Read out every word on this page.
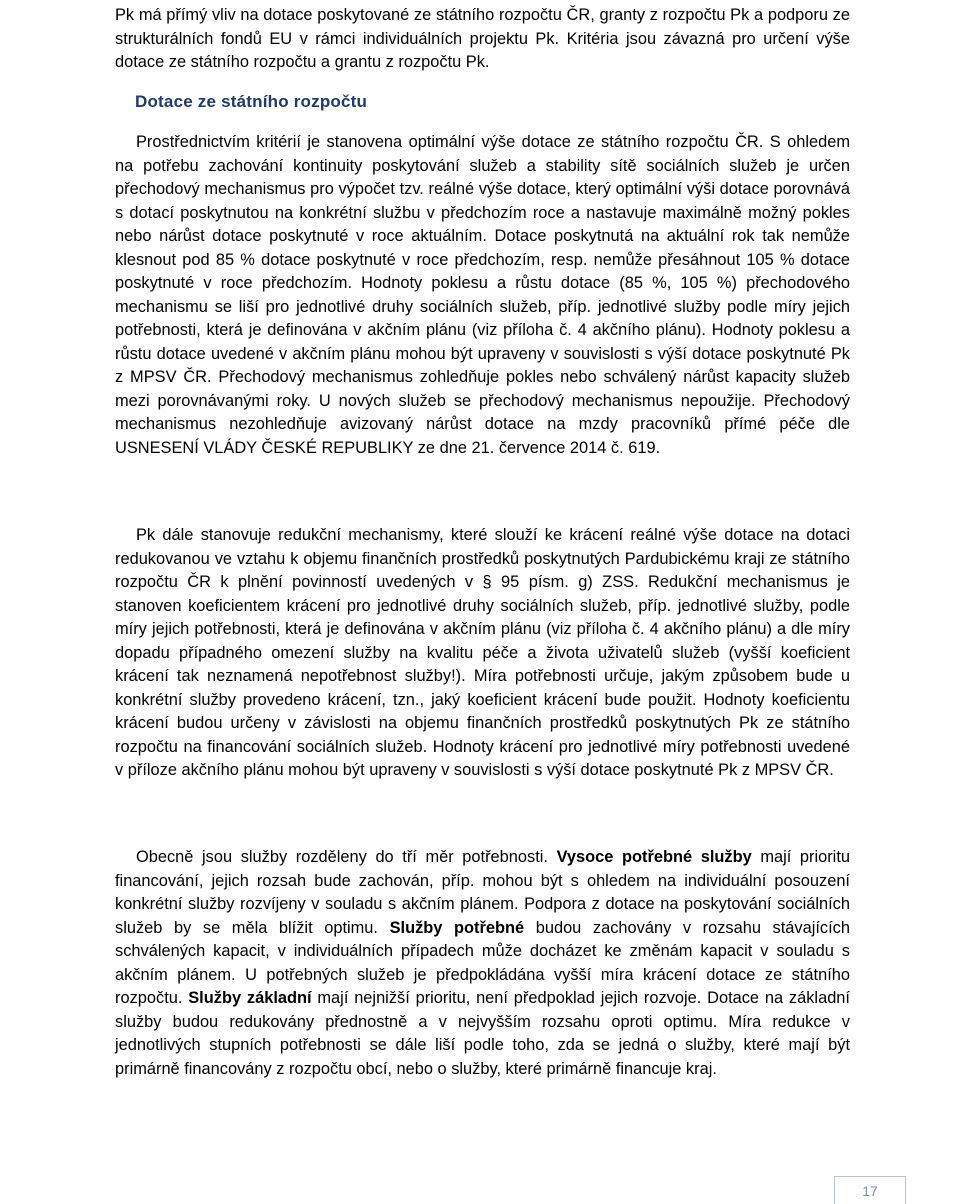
Pk má přímý vliv na dotace poskytované ze státního rozpočtu ČR, granty z rozpočtu Pk a podporu ze strukturálních fondů EU v rámci individuálních projektu Pk. Kritéria jsou závazná pro určení výše dotace ze státního rozpočtu a grantu z rozpočtu Pk.

Dotace ze státního rozpočtu

Prostřednictvím kritérií je stanovena optimální výše dotace ze státního rozpočtu ČR. S ohledem na potřebu zachování kontinuity poskytování služeb a stability sítě sociálních služeb je určen přechodový mechanismus pro výpočet tzv. reálné výše dotace, který optimální výši dotace porovnává s dotací poskytnutou na konkrétní službu v předchozím roce a nastavuje maximálně možný pokles nebo nárůst dotace poskytnuté v roce aktuálním. Dotace poskytnutá na aktuální rok tak nemůže klesnout pod 85 % dotace poskytnuté v roce předchozím, resp. nemůže přesáhnout 105 % dotace poskytnuté v roce předchozím. Hodnoty poklesu a růstu dotace (85 %, 105 %) přechodového mechanismu se liší pro jednotlivé druhy sociálních služeb, příp. jednotlivé služby podle míry jejich potřebnosti, která je definována v akčním plánu (viz příloha č. 4 akčního plánu). Hodnoty poklesu a růstu dotace uvedené v akčním plánu mohou být upraveny v souvislosti s výší dotace poskytnuté Pk z MPSV ČR. Přechodový mechanismus zohledňuje pokles nebo schválený nárůst kapacity služeb mezi porovnávanými roky. U nových služeb se přechodový mechanismus nepoužije. Přechodový mechanismus nezohledňuje avizovaný nárůst dotace na mzdy pracovníků přímé péče dle USNESENÍ VLÁDY ČESKÉ REPUBLIKY ze dne 21. července 2014 č. 619.

Pk dále stanovuje redukční mechanismy, které slouží ke krácení reálné výše dotace na dotaci redukovanou ve vztahu k objemu finančních prostředků poskytnutých Pardubickému kraji ze státního rozpočtu ČR k plnění povinností uvedených v § 95 písm. g) ZSS. Redukční mechanismus je stanoven koeficientem krácení pro jednotlivé druhy sociálních služeb, příp. jednotlivé služby, podle míry jejich potřebnosti, která je definována v akčním plánu (viz příloha č. 4 akčního plánu) a dle míry dopadu případného omezení služby na kvalitu péče a života uživatelů služeb (vyšší koeficient krácení tak neznamená nepotřebnost služby!). Míra potřebnosti určuje, jakým způsobem bude u konkrétní služby provedeno krácení, tzn., jaký koeficient krácení bude použit. Hodnoty koeficientu krácení budou určeny v závislosti na objemu finančních prostředků poskytnutých Pk ze státního rozpočtu na financování sociálních služeb. Hodnoty krácení pro jednotlivé míry potřebnosti uvedené v příloze akčního plánu mohou být upraveny v souvislosti s výší dotace poskytnuté Pk z MPSV ČR.

Obecně jsou služby rozděleny do tří měr potřebnosti. Vysoce potřebné služby mají prioritu financování, jejich rozsah bude zachován, příp. mohou být s ohledem na individuální posouzení konkrétní služby rozvíjeny v souladu s akčním plánem. Podpora z dotace na poskytování sociálních služeb by se měla blížit optimu. Služby potřebné budou zachovány v rozsahu stávajících schválených kapacit, v individuálních případech může docházet ke změnám kapacit v souladu s akčním plánem. U potřebných služeb je předpokládána vyšší míra krácení dotace ze státního rozpočtu. Služby základní mají nejnižší prioritu, není předpoklad jejich rozvoje. Dotace na základní služby budou redukovány přednostně a v nejvyšším rozsahu oproti optimu. Míra redukce v jednotlivých stupních potřebnosti se dále liší podle toho, zda se jedná o služby, které mají být primárně financovány z rozpočtu obcí, nebo o služby, které primárně financuje kraj.

17
